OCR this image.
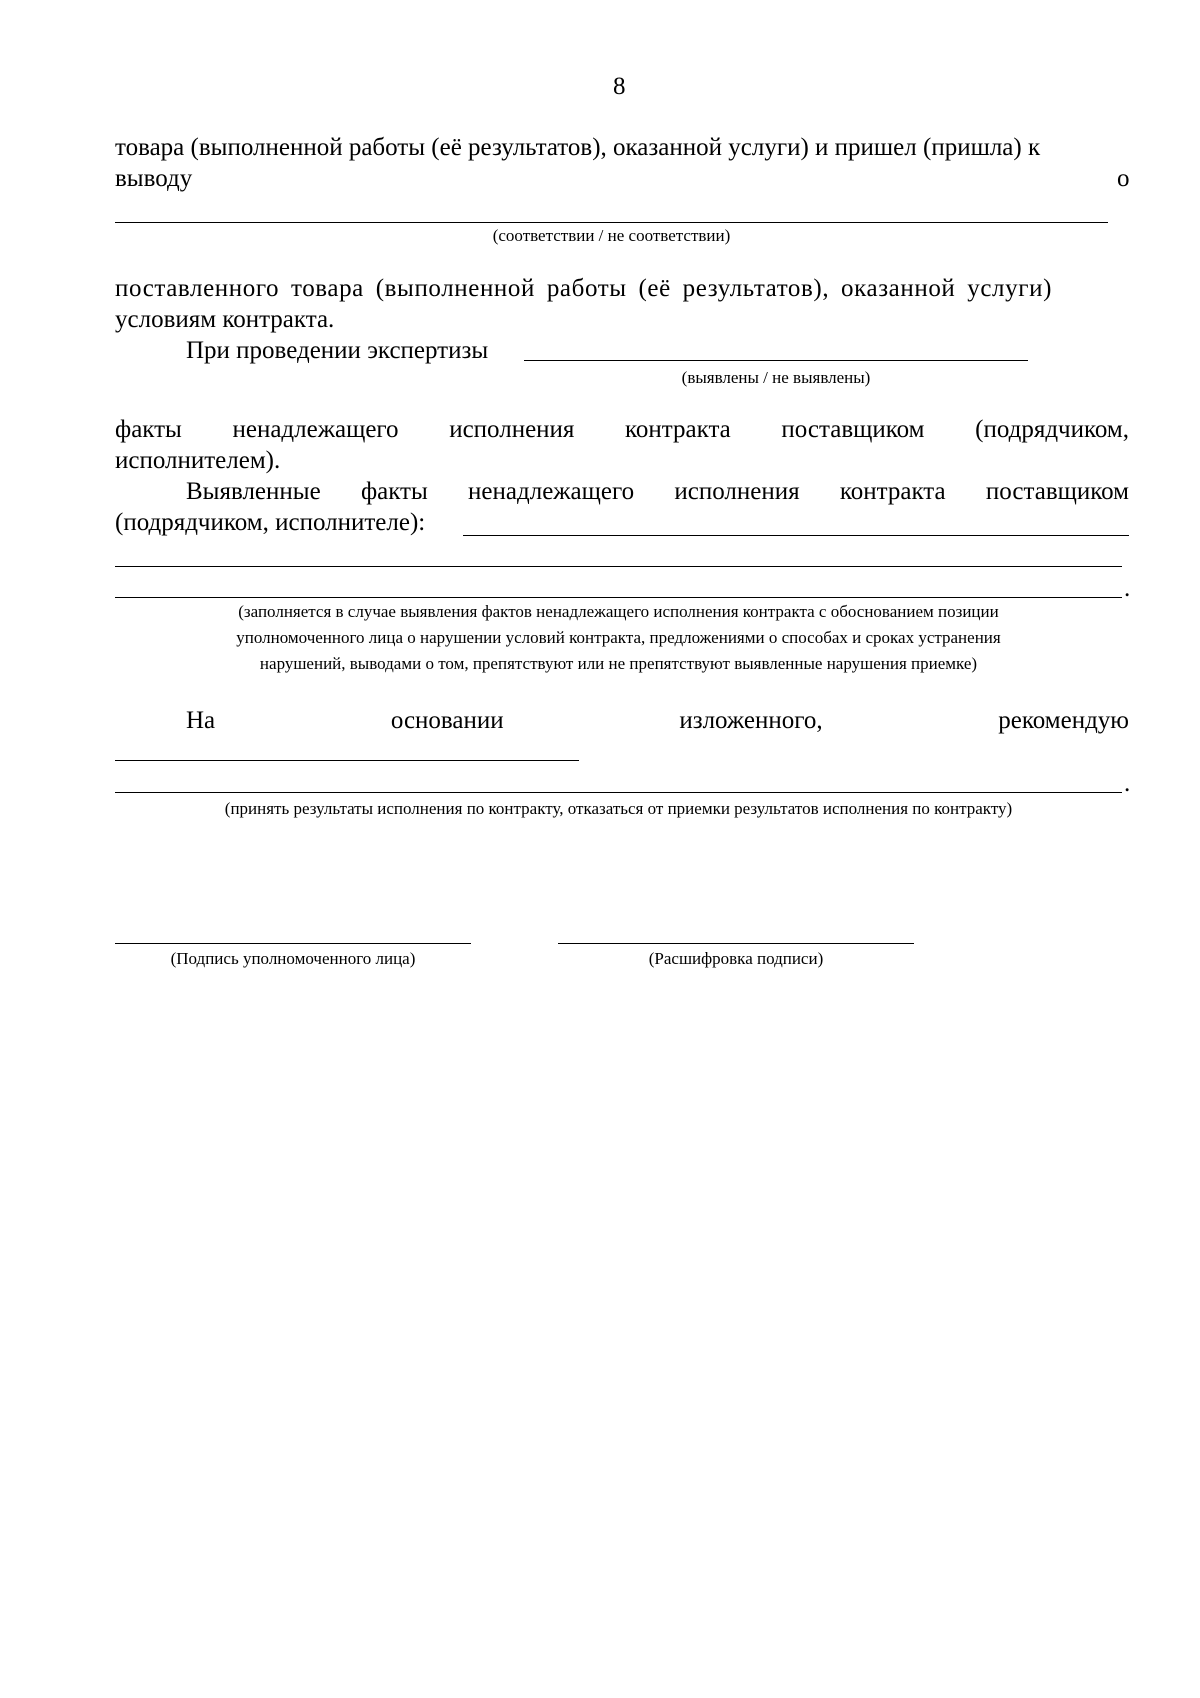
8
товара (выполненной работы (её результатов), оказанной услуги) и пришел (пришла) к
выводу	о
(соответствии / не соответствии)
поставленного товара (выполненной работы (её результатов), оказанной услуги)
условиям контракта.
При проведении экспертизы
(выявлены / не выявлены)
факты ненадлежащего исполнения контракта поставщиком (подрядчиком,
исполнителем).
Выявленные факты ненадлежащего исполнения контракта поставщиком
(подрядчиком, исполнителе):
.
(заполняется в случае выявления фактов ненадлежащего исполнения контракта с обоснованием позиции
уполномоченного лица о нарушении условий контракта, предложениями о способах и сроках устранения
нарушений, выводами о том, препятствуют или не препятствуют выявленные нарушения приемке)
На	основании	изложенного,	рекомендую
.
(принять результаты исполнения по контракту, отказаться от приемки результатов исполнения по контракту)
(Подпись уполномоченного лица)	(Расшифровка подписи)
